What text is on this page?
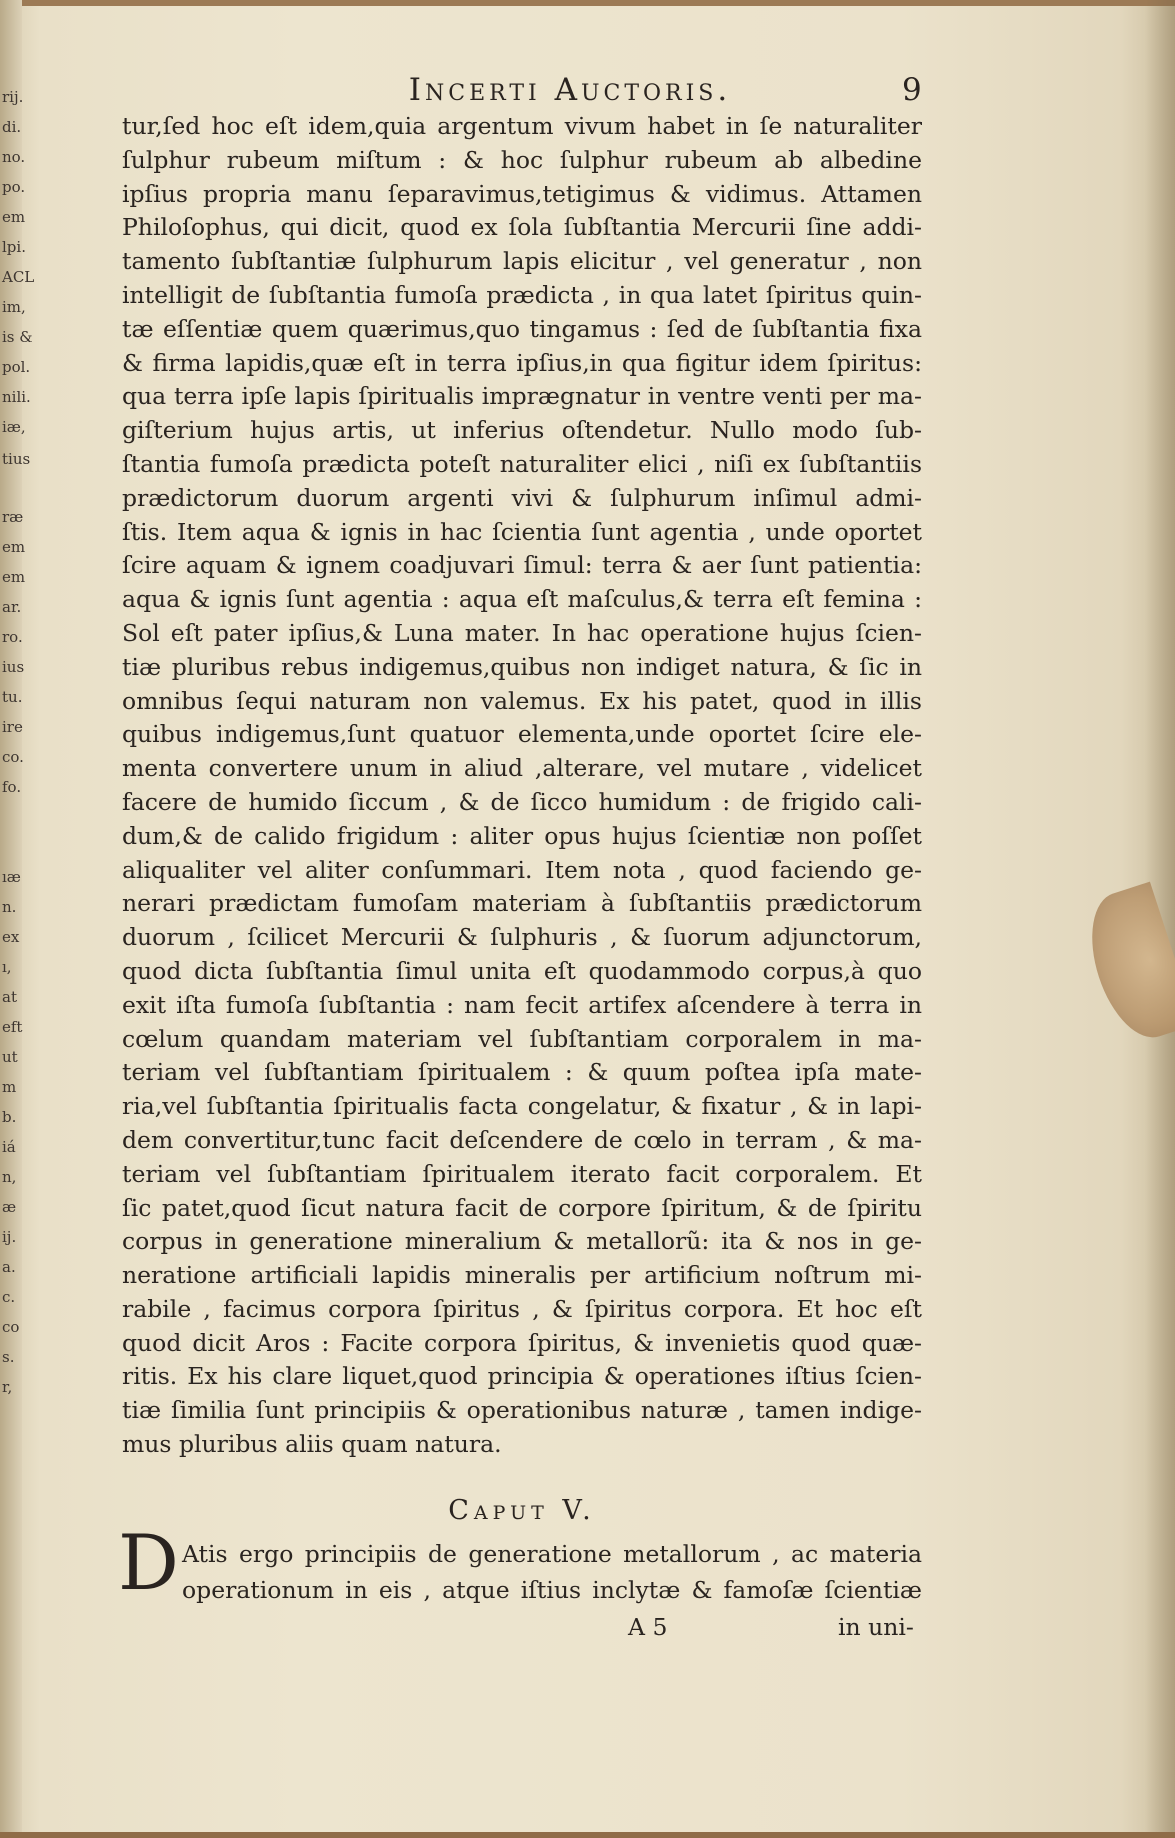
rij.
di.
no.
po.
em
lpi.
ACL
im,
is &
pol.
nili.
iæ,
tius
ræ
em
em
ar.
ro.
ius
tu.
ire
co.
fo.
ıæ
n.
ex
ı,
at
eft
ut
m
b.
iá
n,
æ
ij.
a.
c.
co
s.
r,
Incerti Auctoris.	9
tur,ſed hoc eſt idem,quia argentum vivum habet in ſe naturaliter
ſulphur rubeum miſtum : & hoc ſulphur rubeum ab albedine
ipſius propria manu ſeparavimus,tetigimus & vidimus. Attamen
Philoſophus, qui dicit, quod ex ſola ſubſtantia Mercurii ſine addi-
tamento ſubſtantiæ ſulphurum lapis elicitur , vel generatur , non
intelligit de ſubſtantia fumoſa prædicta , in qua latet ſpiritus quin-
tæ eſſentiæ quem quærimus,quo tingamus : ſed de ſubſtantia fixa
& firma lapidis,quæ eſt in terra ipſius,in qua figitur idem ſpiritus:
qua terra ipſe lapis ſpiritualis imprægnatur in ventre venti per ma-
giſterium hujus artis, ut inferius oſtendetur. Nullo modo ſub-
ſtantia fumoſa prædicta poteſt naturaliter elici , niſi ex ſubſtantiis
prædictorum duorum argenti vivi & ſulphurum inſimul admi-
ſtis. Item aqua & ignis in hac ſcientia ſunt agentia , unde oportet
ſcire aquam & ignem coadjuvari ſimul: terra & aer ſunt patientia:
aqua & ignis ſunt agentia : aqua eſt maſculus,& terra eſt femina :
Sol eſt pater ipſius,& Luna mater. In hac operatione hujus ſcien-
tiæ pluribus rebus indigemus,quibus non indiget natura, & ſic in
omnibus ſequi naturam non valemus. Ex his patet, quod in illis
quibus indigemus,ſunt quatuor elementa,unde oportet ſcire ele-
menta convertere unum in aliud ,alterare, vel mutare , videlicet
facere de humido ſiccum , & de ſicco humidum : de frigido cali-
dum,& de calido frigidum : aliter opus hujus ſcientiæ non poſſet
aliqualiter vel aliter conſummari. Item nota , quod faciendo ge-
nerari prædictam fumoſam materiam à ſubſtantiis prædictorum
duorum , ſcilicet Mercurii & ſulphuris , & ſuorum adjunctorum,
quod dicta ſubſtantia ſimul unita eſt quodammodo corpus,à quo
exit iſta fumoſa ſubſtantia : nam fecit artifex aſcendere à terra in
cœlum quandam materiam vel ſubſtantiam corporalem in ma-
teriam vel ſubſtantiam ſpiritualem : & quum poſtea ipſa mate-
ria,vel ſubſtantia ſpiritualis facta congelatur, & fixatur , & in lapi-
dem convertitur,tunc facit deſcendere de cœlo in terram , & ma-
teriam vel ſubſtantiam ſpiritualem iterato facit corporalem. Et
ſic patet,quod ſicut natura facit de corpore ſpiritum, & de ſpiritu
corpus in generatione mineralium & metallorũ: ita & nos in ge-
neratione artificiali lapidis mineralis per artificium noſtrum mi-
rabile , facimus corpora ſpiritus , & ſpiritus corpora. Et hoc eſt
quod dicit Aros : Facite corpora ſpiritus, & invenietis quod quæ-
ritis. Ex his clare liquet,quod principia & operationes iſtius ſcien-
tiæ ſimilia ſunt principiis & operationibus naturæ , tamen indige-
mus pluribus aliis quam natura.
Caput V.
D Atis ergo principiis de generatione metallorum , ac materia
operationum in eis , atque iſtius inclytæ & famoſæ ſcientiæ
A 5	in uni-
